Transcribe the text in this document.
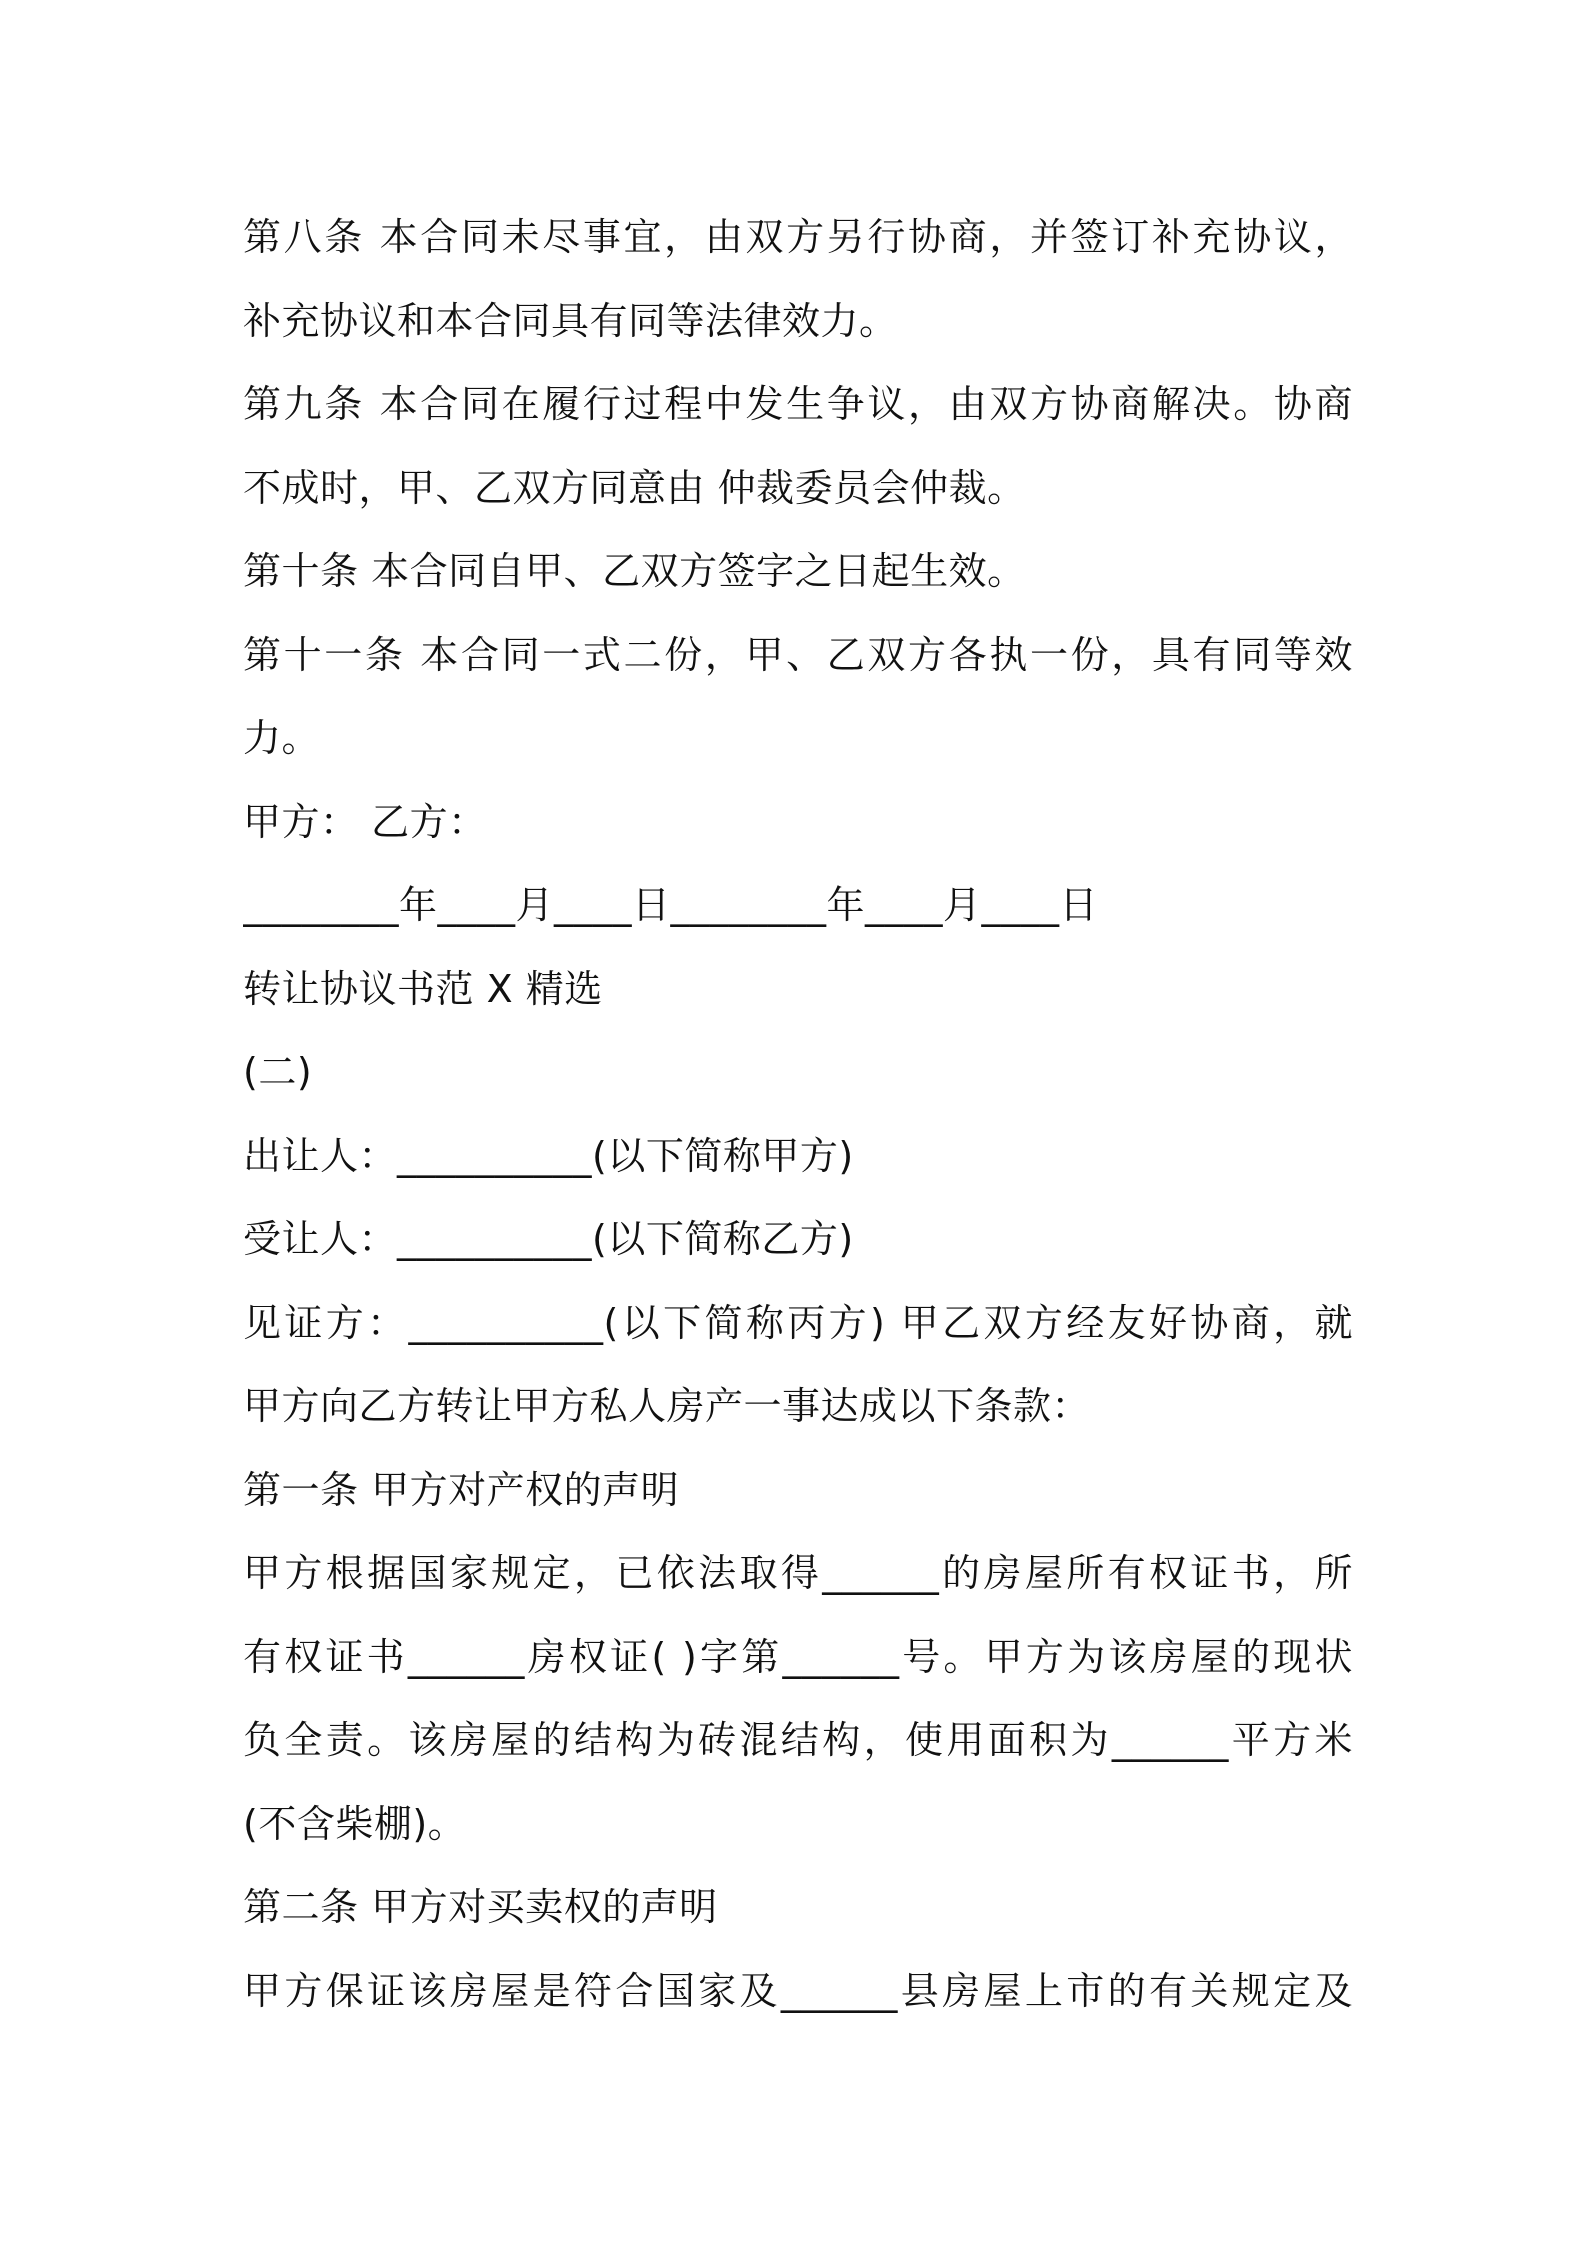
第八条 本合同未尽事宜，由双方另行协商，并签订补充协议，
补充协议和本合同具有同等法律效力。
第九条 本合同在履行过程中发生争议，由双方协商解决。协商
不成时，甲、乙双方同意由 仲裁委员会仲裁。
第十条 本合同自甲、乙双方签字之日起生效。
第十一条 本合同一式二份，甲、乙双方各执一份，具有同等效
力。
甲方： 乙方：
________年____月____日________年____月____日
转让协议书范 X 精选
(二)
出让人：__________(以下简称甲方)
受让人：__________(以下简称乙方)
见证方：__________(以下简称丙方) 甲乙双方经友好协商，就
甲方向乙方转让甲方私人房产一事达成以下条款：
第一条 甲方对产权的声明
甲方根据国家规定，已依法取得______的房屋所有权证书，所
有权证书______房权证( )字第______号。甲方为该房屋的现状
负全责。该房屋的结构为砖混结构，使用面积为______平方米
(不含柴棚)。
第二条 甲方对买卖权的声明
甲方保证该房屋是符合国家及______县房屋上市的有关规定及
